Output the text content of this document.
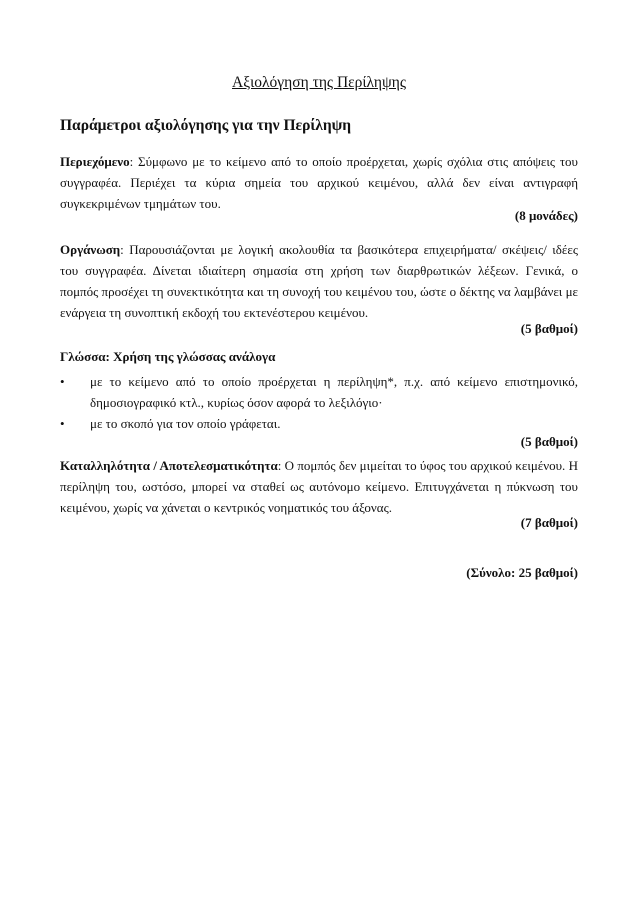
Αξιολόγηση της Περίληψης
Παράμετροι αξιολόγησης για την Περίληψη
Περιεχόμενο: Σύμφωνο με το κείμενο από το οποίο προέρχεται, χωρίς σχόλια στις απόψεις του συγγραφέα. Περιέχει τα κύρια σημεία του αρχικού κειμένου, αλλά δεν είναι αντιγραφή συγκεκριμένων τμημάτων του.
(8 μονάδες)
Οργάνωση: Παρουσιάζονται με λογική ακολουθία τα βασικότερα επιχειρήματα/ σκέψεις/ ιδέες του συγγραφέα. Δίνεται ιδιαίτερη σημασία στη χρήση των διαρθρωτικών λέξεων. Γενικά, ο πομπός προσέχει τη συνεκτικότητα και τη συνοχή του κειμένου του, ώστε ο δέκτης να λαμβάνει με ενάργεια τη συνοπτική εκδοχή του εκτενέστερου κειμένου.
(5 βαθμοί)
Γλώσσα: Χρήση της γλώσσας ανάλογα
•	με το κείμενο από το οποίο προέρχεται η περίληψη*, π.χ. από κείμενο επιστημονικό, δημοσιογραφικό κτλ., κυρίως όσον αφορά το λεξιλόγιο·
•	με το σκοπό για τον οποίο γράφεται.
(5 βαθμοί)
Καταλληλότητα / Αποτελεσματικότητα: Ο πομπός δεν μιμείται το ύφος του αρχικού κειμένου. Η περίληψη του, ωστόσο, μπορεί να σταθεί ως αυτόνομο κείμενο. Επιτυγχάνεται η πύκνωση του κειμένου, χωρίς να χάνεται ο κεντρικός νοηματικός του άξονας.
(7 βαθμοί)
(Σύνολο: 25 βαθμοί)
